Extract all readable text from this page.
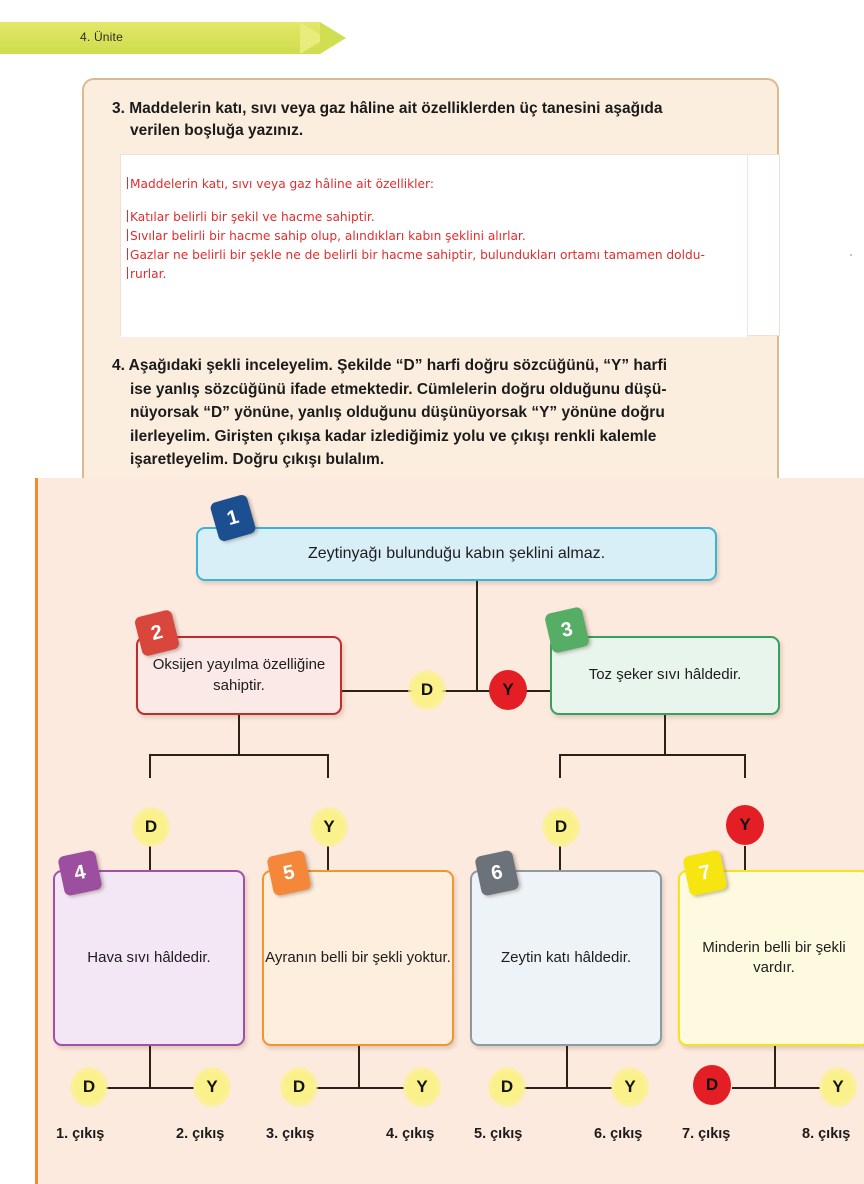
4. Ünite
3. Maddelerin katı, sıvı veya gaz hâline ait özelliklerden üç tanesini aşağıda
verilen boşluğa yazınız.
Maddelerin katı, sıvı veya gaz hâline ait özellikler:
Katılar belirli bir şekil ve hacme sahiptir.
Sıvılar belirli bir hacme sahip olup, alındıkları kabın şeklini alırlar.
Gazlar ne belirli bir şekle ne de belirli bir hacme sahiptir, bulundukları ortamı tamamen doldu-
rurlar.
4. Aşağıdaki şekli inceleyelim. Şekilde “D” harfi doğru sözcüğünü, “Y” harfi
ise yanlış sözcüğünü ifade etmektedir. Cümlelerin doğru olduğunu düşü-
nüyorsak “D” yönüne, yanlış olduğunu düşünüyorsak “Y” yönüne doğru
ilerleyelim. Girişten çıkışa kadar izlediğimiz yolu ve çıkışı renkli kalemle
işaretleyelim. Doğru çıkışı bulalım.
1
Zeytinyağı bulunduğu kabın şeklini almaz.
D	Y
2
Oksijen yayılma özelliğine sahiptir.
3
Toz şeker sıvı hâldedir.
D	Y	D	Y
4
Hava sıvı hâldedir.
5
Ayranın belli bir şekli yoktur.
6
Zeytin katı hâldedir.
7
Minderin belli bir şekli vardır.
D	Y	D	Y	D	Y	D	Y
1. çıkış	2. çıkış	3. çıkış	4. çıkış	5. çıkış	6. çıkış	7. çıkış	8. çıkış
